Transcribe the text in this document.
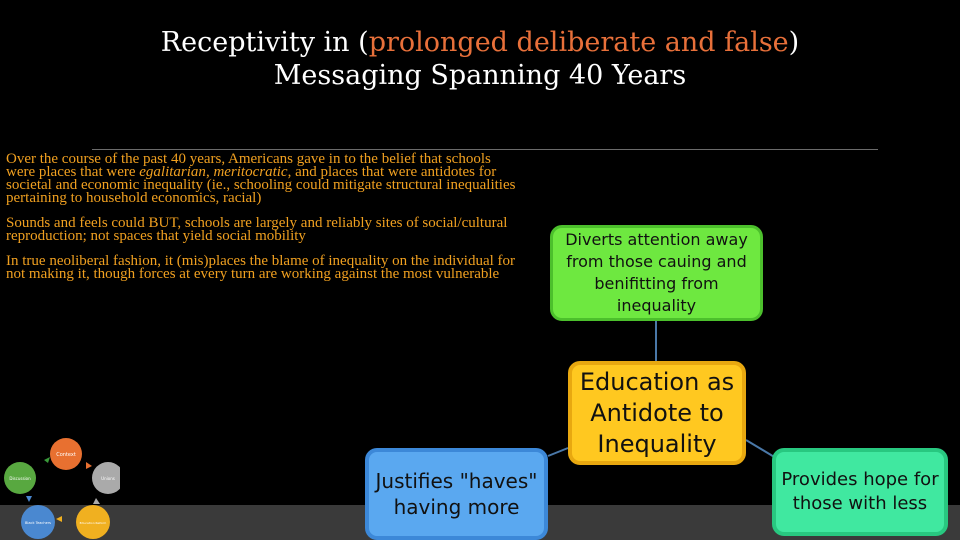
Receptivity in (prolonged deliberate and false)
Messaging Spanning 40 Years

Over the course of the past 40 years, Americans gave in to the belief that schools were places that were egalitarian, meritocratic, and places that were antidotes for societal and economic inequality (ie., schooling could mitigate structural inequalities pertaining to household economics, racial)

Sounds and feels could BUT, schools are largely and reliably sites of social/cultural reproduction; not spaces that yield social mobility

In true neoliberal fashion, it (mis)places the blame of inequality on the individual for not making it, though forces at every turn are working against the most vulnerable

Diverts attention away
from those cauing and
benifitting from inequality
Education as
Antidote to
Inequality
Justifies "haves"
having more
Provides hope for
those with less
Context
Unions
Education Reform
Black Teachers
Discussion
